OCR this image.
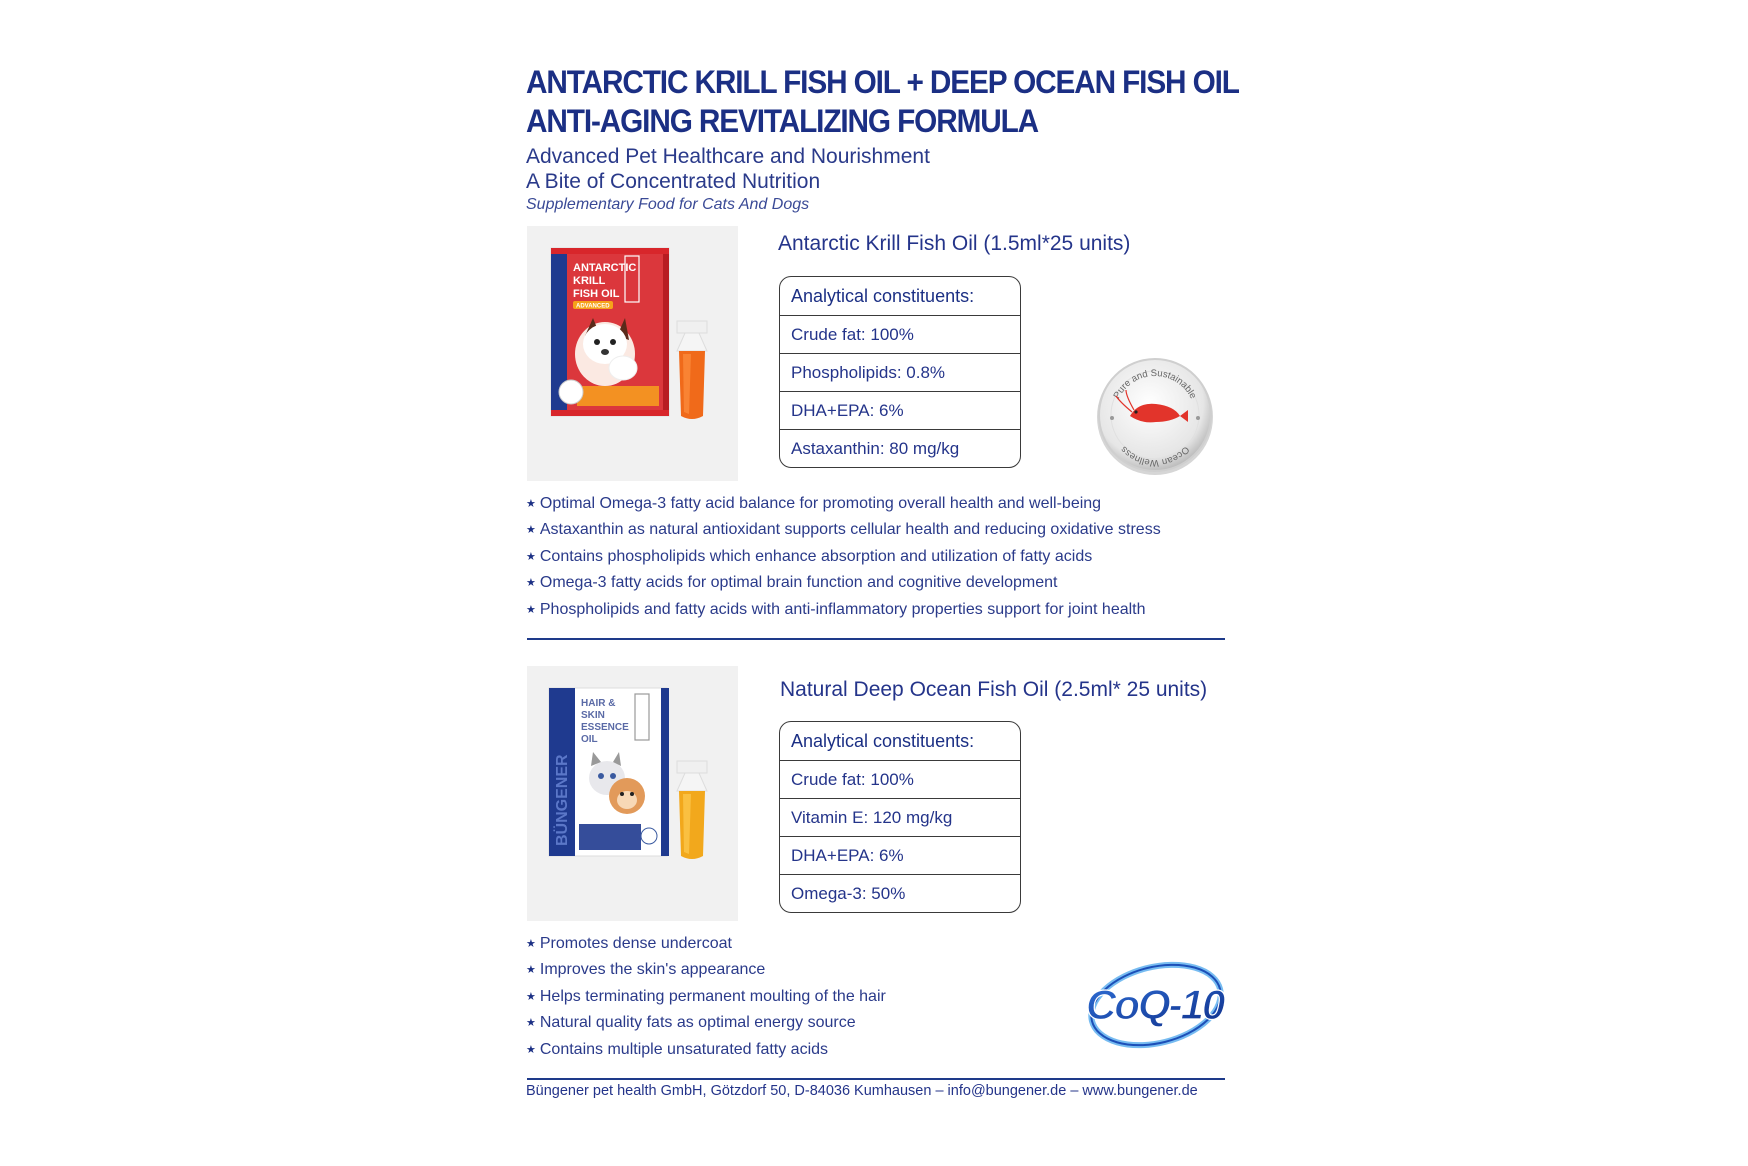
ANTARCTIC KRILL FISH OIL + DEEP OCEAN FISH OIL
ANTI-AGING REVITALIZING FORMULA

Advanced Pet Healthcare and Nourishment

A Bite of Concentrated Nutrition

Supplementary Food for Cats And Dogs

ANTARCTIC
KRILL
FISH OIL
ADVANCED

Antarctic Krill Fish Oil (1.5ml*25 units)

Analytical constituents:
Crude fat: 100%
Phospholipids: 0.8%
DHA+EPA: 6%
Astaxanthin: 80 mg/kg
Pure and Sustainable
Ocean Wellness
★ Optimal Omega-3 fatty acid balance for promoting overall health and well-being
★ Astaxanthin as natural antioxidant supports cellular health and reducing oxidative stress
★ Contains phospholipids which enhance absorption and utilization of fatty acids
★ Omega-3 fatty acids for optimal brain function and cognitive development
★ Phospholipids and fatty acids with anti-inflammatory properties support for joint health
BÜNGENER
HAIR &
SKIN
ESSENCE
OIL

Natural Deep Ocean Fish Oil (2.5ml* 25 units)

Analytical constituents:
Crude fat: 100%
Vitamin E: 120 mg/kg
DHA+EPA: 6%
Omega-3: 50%
★ Promotes dense undercoat
★ Improves the skin's appearance
★ Helps terminating permanent moulting of the hair
★ Natural quality fats as optimal energy source
★ Contains multiple unsaturated fatty acids
CoQ-10

Büngener pet health GmbH, Götzdorf 50, D-84036 Kumhausen – info@bungener.de – www.bungener.de
